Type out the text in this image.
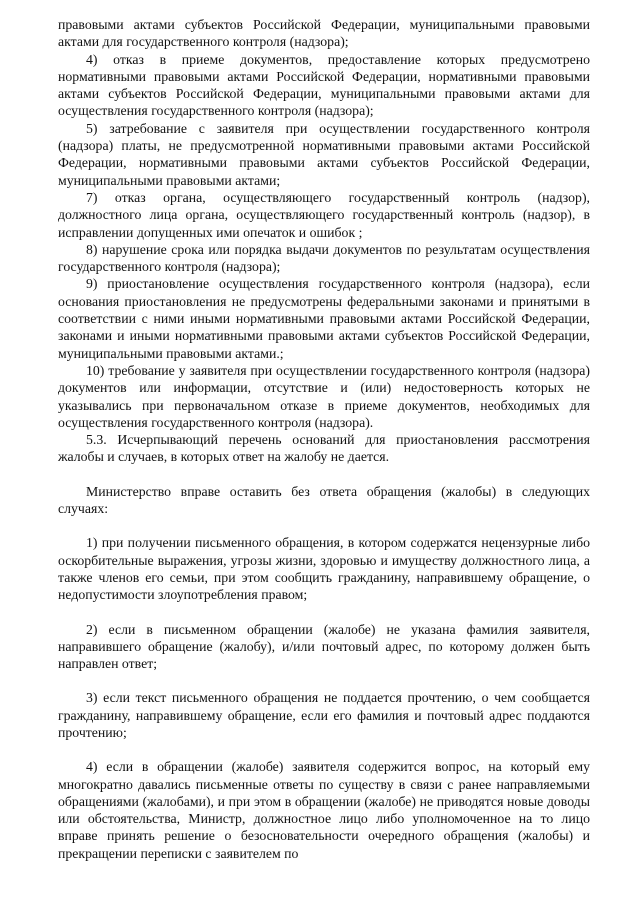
правовыми актами субъектов Российской Федерации, муниципальными правовыми актами для государственного контроля (надзора);

4) отказ в приеме документов, предоставление которых предусмотрено нормативными правовыми актами Российской Федерации, нормативными правовыми актами субъектов Российской Федерации, муниципальными правовыми актами для осуществления государственного контроля (надзора);

5) затребование с заявителя при осуществлении государственного контроля (надзора) платы, не предусмотренной нормативными правовыми актами Российской Федерации, нормативными правовыми актами субъектов Российской Федерации, муниципальными правовыми актами;

7) отказ органа, осуществляющего государственный контроль (надзор), должностного лица органа, осуществляющего государственный контроль (надзор), в исправлении допущенных ими опечаток и ошибок ;

8) нарушение срока или порядка выдачи документов по результатам осуществления государственного контроля (надзора);

9) приостановление осуществления государственного контроля (надзора), если основания приостановления не предусмотрены федеральными законами и принятыми в соответствии с ними иными нормативными правовыми актами Российской Федерации, законами и иными нормативными правовыми актами субъектов Российской Федерации, муниципальными правовыми актами.;

10) требование у заявителя при осуществлении государственного контроля (надзора) документов или информации, отсутствие и (или) недостоверность которых не указывались при первоначальном отказе в приеме документов, необходимых для осуществления государственного контроля (надзора).

5.3. Исчерпывающий перечень оснований для приостановления рассмотрения жалобы и случаев, в которых ответ на жалобу не дается.

Министерство вправе оставить без ответа обращения (жалобы) в следующих случаях:

1) при получении письменного обращения, в котором содержатся нецензурные либо оскорбительные выражения, угрозы жизни, здоровью и имуществу должностного лица, а также членов его семьи, при этом сообщить гражданину, направившему обращение, о недопустимости злоупотребления правом;

2) если в письменном обращении (жалобе) не указана фамилия заявителя, направившего обращение (жалобу), и/или почтовый адрес, по которому должен быть направлен ответ;

3) если текст письменного обращения не поддается прочтению, о чем сообщается гражданину, направившему обращение, если его фамилия и почтовый адрес поддаются прочтению;

4) если в обращении (жалобе) заявителя содержится вопрос, на который ему многократно давались письменные ответы по существу в связи с ранее направляемыми обращениями (жалобами), и при этом в обращении (жалобе) не приводятся новые доводы или обстоятельства, Министр, должностное лицо либо уполномоченное на то лицо вправе принять решение о безосновательности очередного обращения (жалобы) и прекращении переписки с заявителем по
